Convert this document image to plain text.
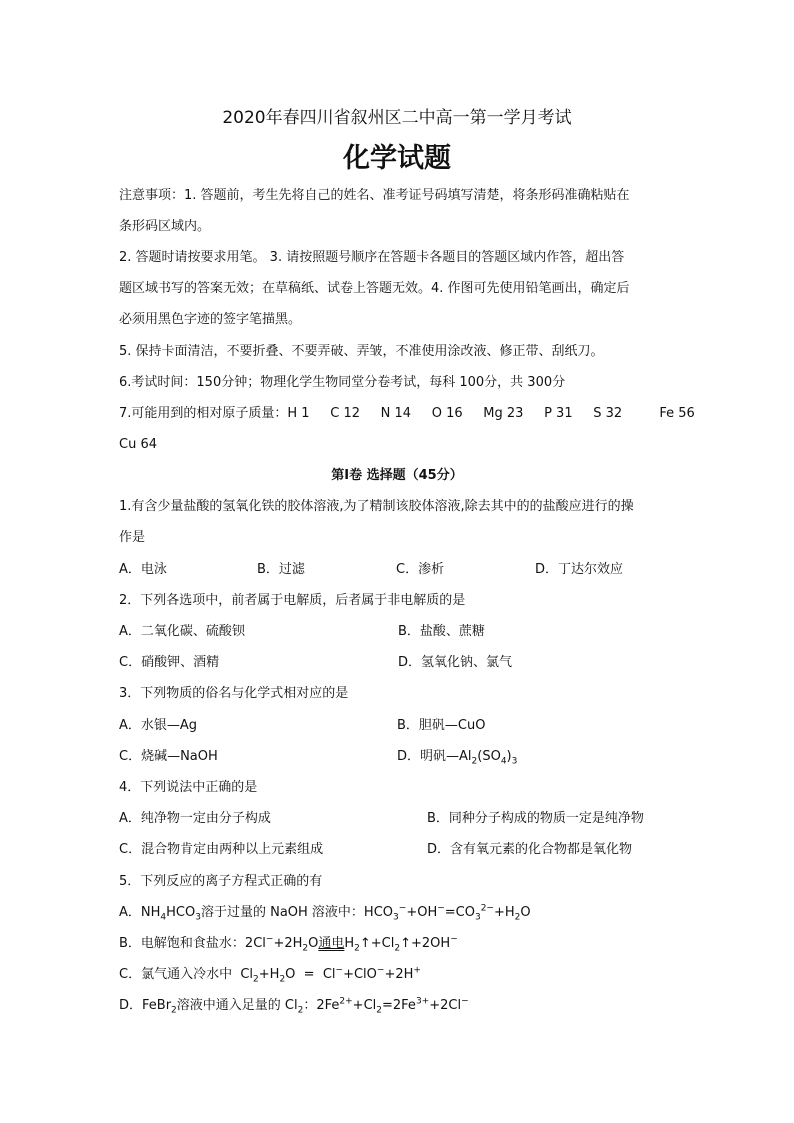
2020年春四川省叙州区二中高一第一学月考试
化学试题
注意事项：1. 答题前，考生先将自己的姓名、准考证号码填写清楚，将条形码准确粘贴在
条形码区域内。
2. 答题时请按要求用笔。 3. 请按照题号顺序在答题卡各题目的答题区域内作答，超出答
题区域书写的答案无效；在草稿纸、试卷上答题无效。4. 作图可先使用铅笔画出，确定后
必须用黑色字迹的签字笔描黑。
5. 保持卡面清洁，不要折叠、不要弄破、弄皱，不准使用涂改液、修正带、刮纸刀。
6.考试时间：150分钟；物理化学生物同堂分卷考试，每科 100分，共 300分
7.可能用到的相对原子质量：H 1     C 12     N 14     O 16     Mg 23     P 31     S 32         Fe 56
Cu 64
第Ⅰ卷 选择题（45分）
1.有含少量盐酸的氢氧化铁的胶体溶液,为了精制该胶体溶液,除去其中的的盐酸应进行的操
作是
A．电泳	B．过滤	C．渗析	D．丁达尔效应
2．下列各选项中，前者属于电解质，后者属于非电解质的是
A．二氧化碳、硫酸钡	B．盐酸、蔗糖
C．硝酸钾、酒精	D．氢氧化钠、氯气
3．下列物质的俗名与化学式相对应的是
A．水银—Ag	B．胆矾—CuO
C．烧碱—NaOH	D．明矾$—Al_2(SO_4)_3$
4．下列说法中正确的是
A．纯净物一定由分子构成	B．同种分子构成的物质一定是纯净物
C．混合物肯定由两种以上元素组成	D．含有氧元素的化合物都是氧化物
5．下列反应的离子方程式正确的有
A．$NH_4HCO_3$溶于过量的 NaOH 溶液中：$HCO_3^-+OH^-=CO_3^{2-}+H_2O$
B．电解饱和食盐水：$2Cl^-+2H_2O$通电$H_2↑+Cl_2↑+2OH^-$
C．氯气通入冷水中  $Cl_2+H_2O = Cl^-+ClO^-+2H^+$
D．FeBr$_2$溶液中通入足量的 $Cl_2$：$2Fe^{2+}+Cl_2=2Fe^{3+}+2Cl^-$
